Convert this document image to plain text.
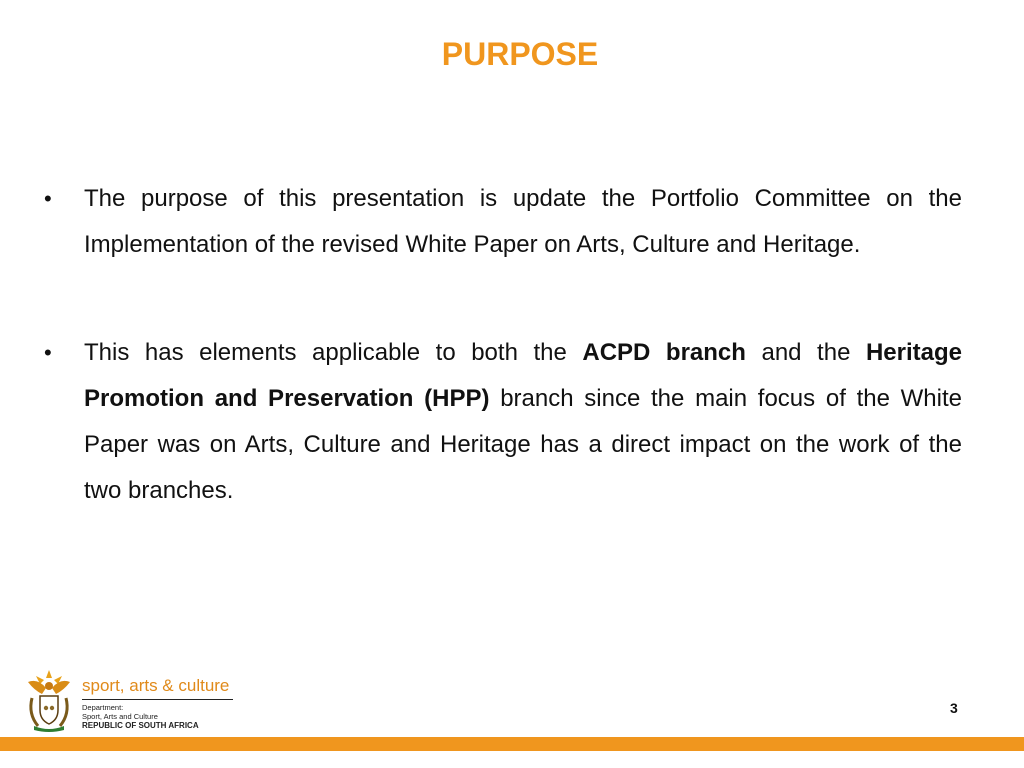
PURPOSE
• The purpose of this presentation is update the Portfolio Committee on the Implementation of the revised White Paper on Arts, Culture and Heritage.
• This has elements applicable to both the ACPD branch and the Heritage Promotion and Preservation (HPP) branch since the main focus of the White Paper was on Arts, Culture and Heritage has a direct impact on the work of the two branches.
sport, arts & culture
Department:
Sport, Arts and Culture
REPUBLIC OF SOUTH AFRICA
3
